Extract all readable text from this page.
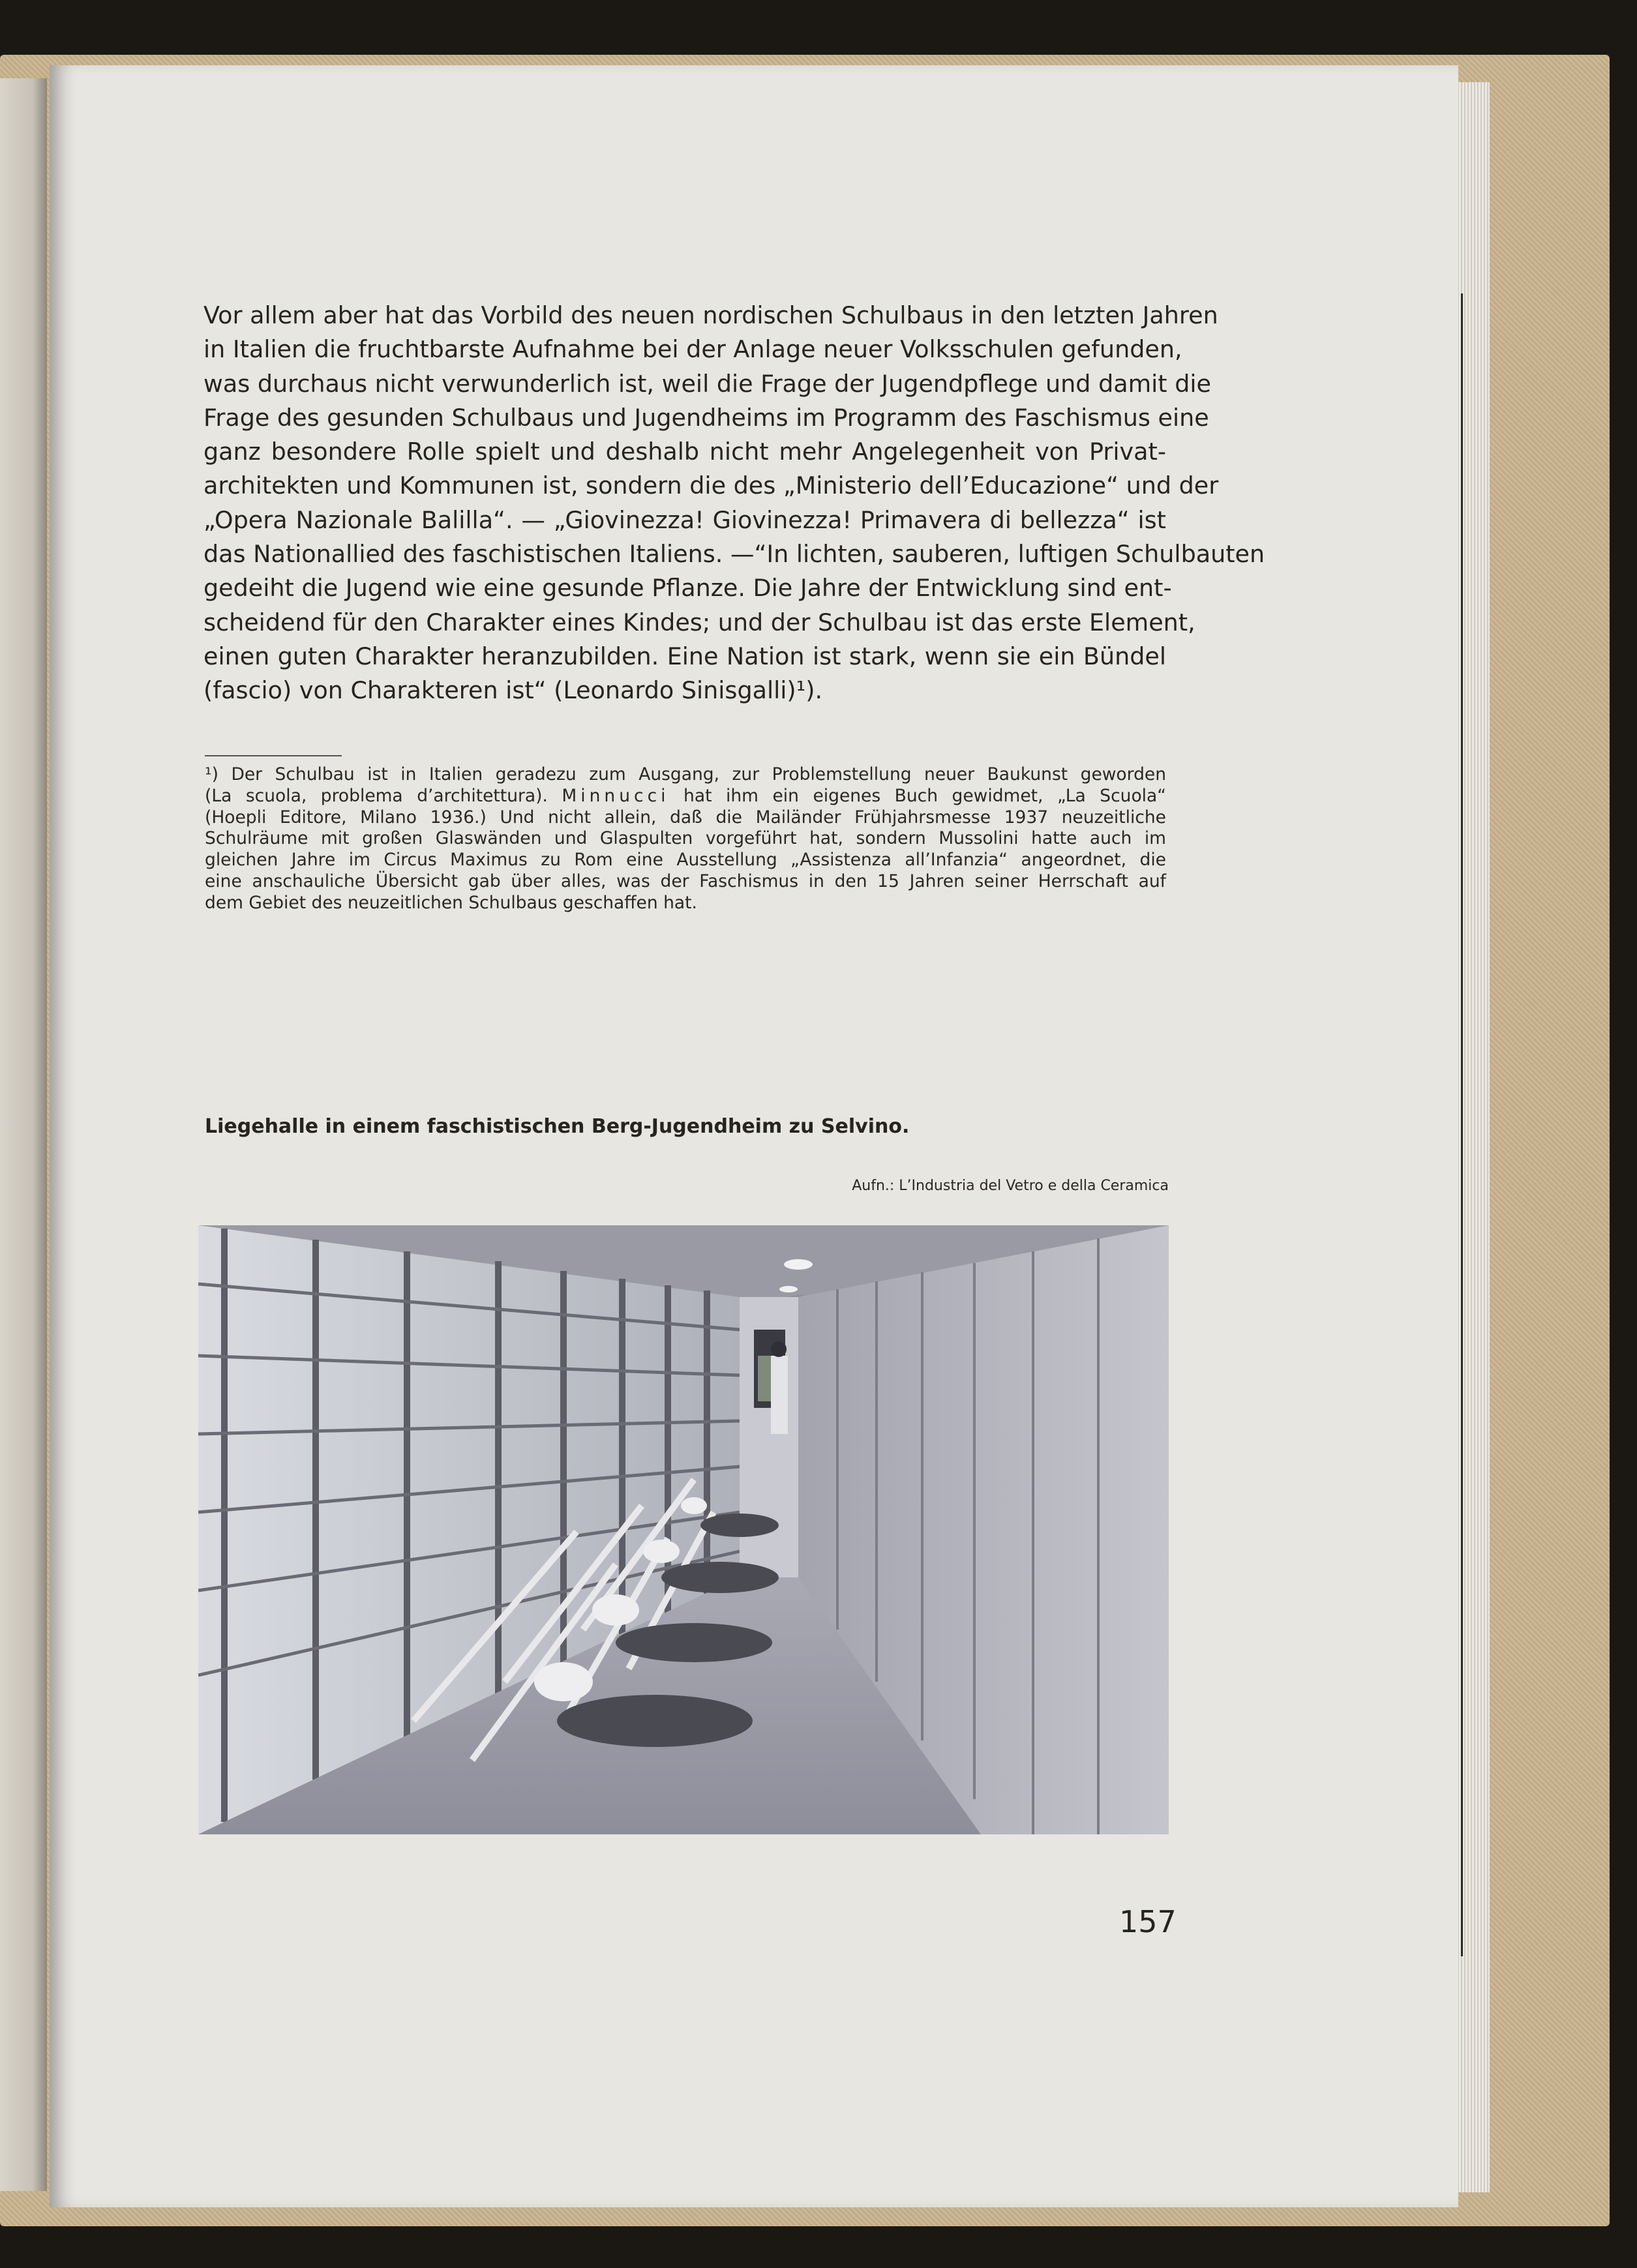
Vor allem aber hat das Vorbild des neuen nordischen Schulbaus in den letzten Jahren
in Italien die fruchtbarste Aufnahme bei der Anlage neuer Volksschulen gefunden,
was durchaus nicht verwunderlich ist, weil die Frage der Jugendpflege und damit die
Frage des gesunden Schulbaus und Jugendheims im Programm des Faschismus eine
ganz besondere Rolle spielt und deshalb nicht mehr Angelegenheit von Privat-
architekten und Kommunen ist, sondern die des „Ministerio dell’Educazione“ und der
„Opera Nazionale Balilla“. — „Giovinezza! Giovinezza! Primavera di bellezza“ ist
das Nationallied des faschistischen Italiens. —“In lichten, sauberen, luftigen Schulbauten
gedeiht die Jugend wie eine gesunde Pflanze. Die Jahre der Entwicklung sind ent-
scheidend für den Charakter eines Kindes; und der Schulbau ist das erste Element,
einen guten Charakter heranzubilden. Eine Nation ist stark, wenn sie ein Bündel
(fascio) von Charakteren ist“ (Leonardo Sinisgalli)¹).

¹) Der Schulbau ist in Italien geradezu zum Ausgang, zur Problemstellung neuer Baukunst geworden
(La scuola, problema d’architettura). Minnucci hat ihm ein eigenes Buch gewidmet, „La Scuola“
(Hoepli Editore, Milano 1936.) Und nicht allein, daß die Mailänder Frühjahrsmesse 1937 neuzeitliche
Schulräume mit großen Glaswänden und Glaspulten vorgeführt hat, sondern Mussolini hatte auch im
gleichen Jahre im Circus Maximus zu Rom eine Ausstellung „Assistenza all’Infanzia“ angeordnet, die
eine anschauliche Übersicht gab über alles, was der Faschismus in den 15 Jahren seiner Herrschaft auf
dem Gebiet des neuzeitlichen Schulbaus geschaffen hat.

Liegehalle in einem faschistischen Berg-Jugendheim zu Selvino.

Aufn.: L’Industria del Vetro e della Ceramica

157
